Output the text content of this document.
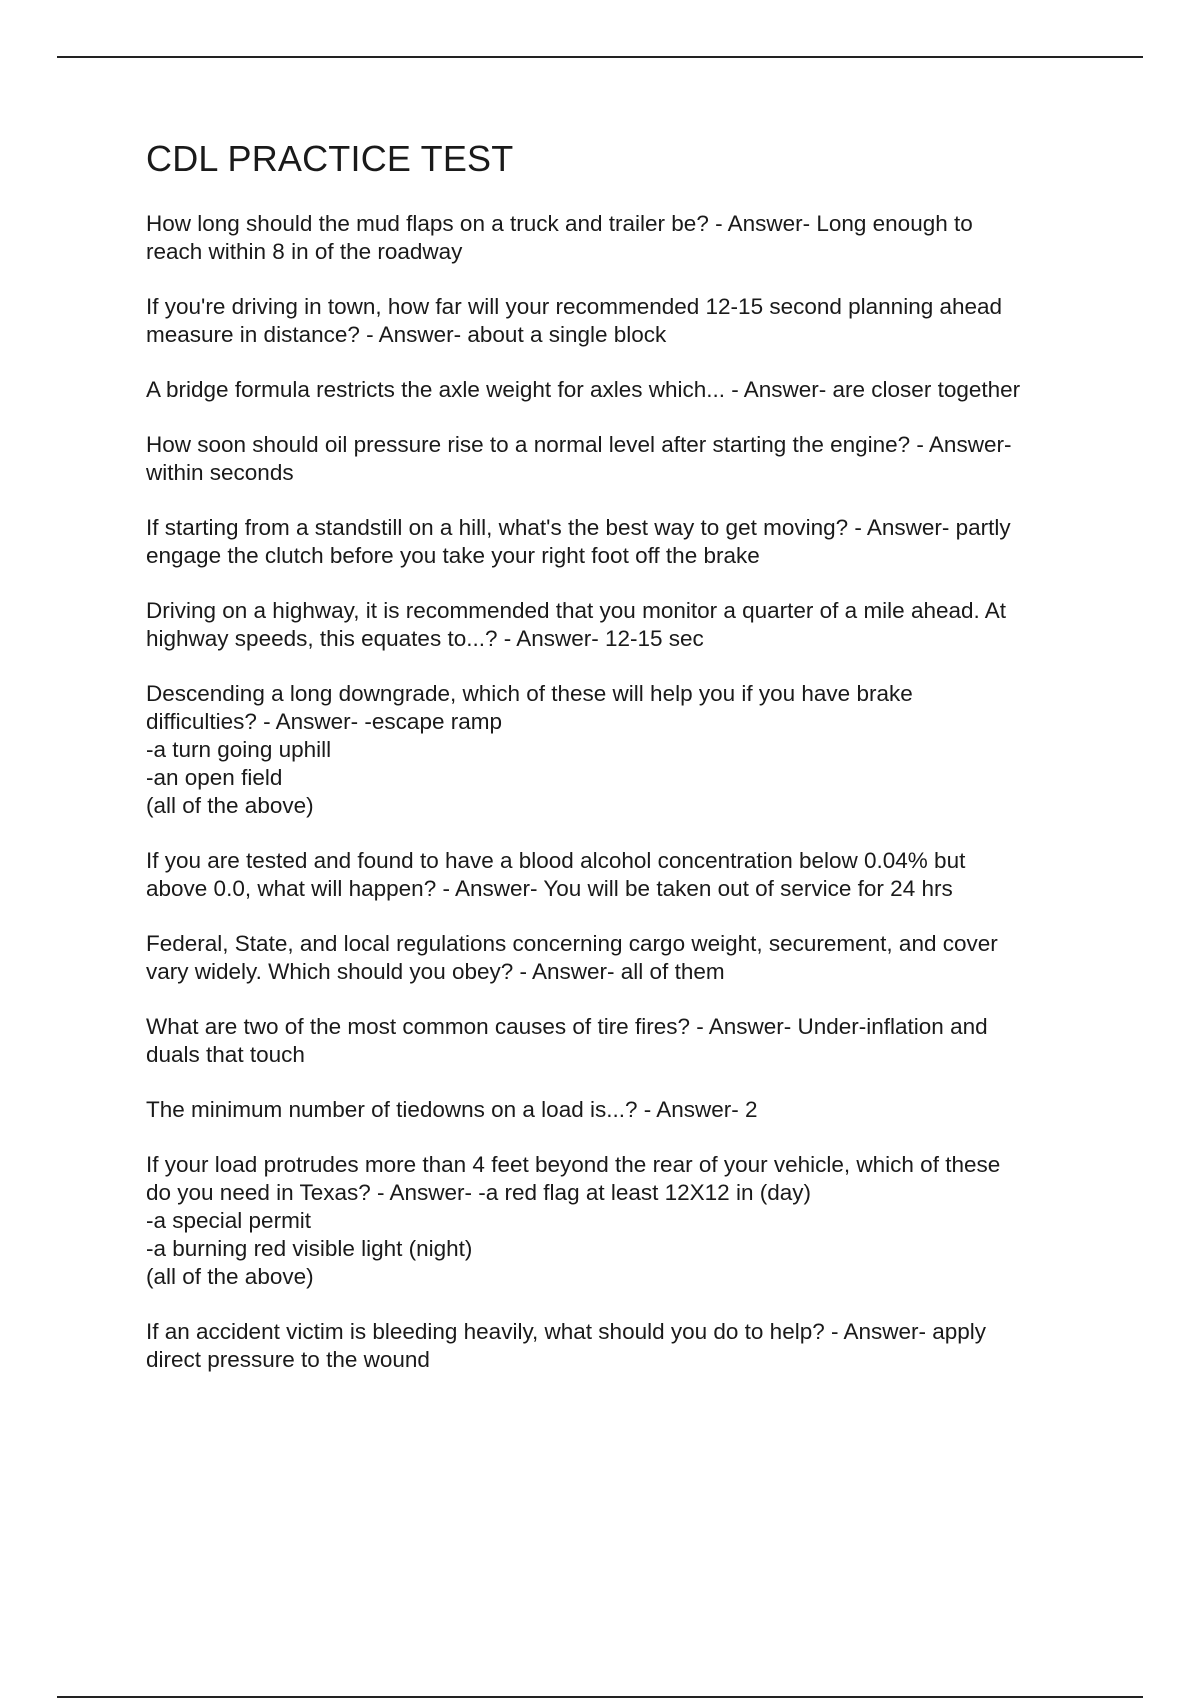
CDL PRACTICE TEST
How long should the mud flaps on a truck and trailer be? - Answer- Long enough to
reach within 8 in of the roadway
If you're driving in town, how far will your recommended 12-15 second planning ahead
measure in distance? - Answer- about a single block
A bridge formula restricts the axle weight for axles which... - Answer- are closer together
How soon should oil pressure rise to a normal level after starting the engine? - Answer-
within seconds
If starting from a standstill on a hill, what's the best way to get moving? - Answer- partly
engage the clutch before you take your right foot off the brake
Driving on a highway, it is recommended that you monitor a quarter of a mile ahead. At
highway speeds, this equates to...? - Answer- 12-15 sec
Descending a long downgrade, which of these will help you if you have brake
difficulties? - Answer- -escape ramp
-a turn going uphill
-an open field
(all of the above)
If you are tested and found to have a blood alcohol concentration below 0.04% but
above 0.0, what will happen? - Answer- You will be taken out of service for 24 hrs
Federal, State, and local regulations concerning cargo weight, securement, and cover
vary widely. Which should you obey? - Answer- all of them
What are two of the most common causes of tire fires? - Answer- Under-inflation and
duals that touch
The minimum number of tiedowns on a load is...? - Answer- 2
If your load protrudes more than 4 feet beyond the rear of your vehicle, which of these
do you need in Texas? - Answer- -a red flag at least 12X12 in (day)
-a special permit
-a burning red visible light (night)
(all of the above)
If an accident victim is bleeding heavily, what should you do to help? - Answer- apply
direct pressure to the wound
